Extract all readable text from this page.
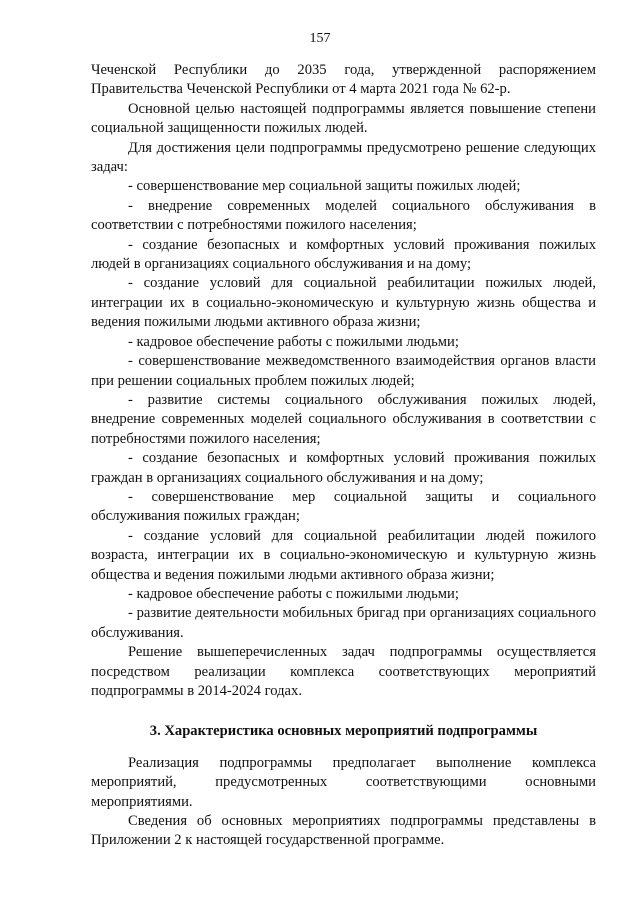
157

Чеченской Республики до 2035 года, утвержденной распоряжением Правительства Чеченской Республики от 4 марта 2021 года № 62-р.

Основной целью настоящей подпрограммы является повышение степени социальной защищенности пожилых людей.

Для достижения цели подпрограммы предусмотрено решение следующих задач:

- совершенствование мер социальной защиты пожилых людей;

- внедрение современных моделей социального обслуживания в соответствии с потребностями пожилого населения;

- создание безопасных и комфортных условий проживания пожилых людей в организациях социального обслуживания и на дому;

- создание условий для социальной реабилитации пожилых людей, интеграции их в социально-экономическую и культурную жизнь общества и ведения пожилыми людьми активного образа жизни;

- кадровое обеспечение работы с пожилыми людьми;

- совершенствование межведомственного взаимодействия органов власти при решении социальных проблем пожилых людей;

- развитие системы социального обслуживания пожилых людей, внедрение современных моделей социального обслуживания в соответствии с потребностями пожилого населения;

- создание безопасных и комфортных условий проживания пожилых граждан в организациях социального обслуживания и на дому;

- совершенствование мер социальной защиты и социального обслуживания пожилых граждан;

- создание условий для социальной реабилитации людей пожилого возраста, интеграции их в социально-экономическую и культурную жизнь общества и ведения пожилыми людьми активного образа жизни;

- кадровое обеспечение работы с пожилыми людьми;

- развитие деятельности мобильных бригад при организациях социального обслуживания.

Решение вышеперечисленных задач подпрограммы осуществляется посредством реализации комплекса соответствующих мероприятий подпрограммы в 2014-2024 годах.

3. Характеристика основных мероприятий подпрограммы

Реализация подпрограммы предполагает выполнение комплекса мероприятий, предусмотренных соответствующими основными мероприятиями.

Сведения об основных мероприятиях подпрограммы представлены в Приложении 2 к настоящей государственной программе.
